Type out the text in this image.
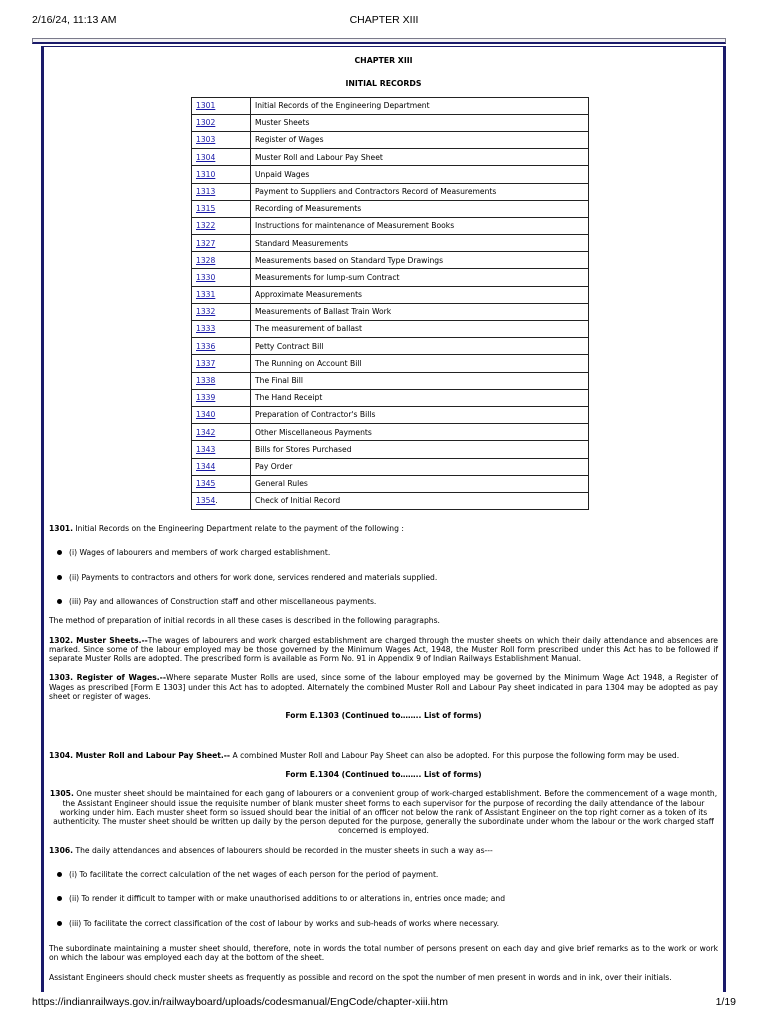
2/16/24, 11:13 AM	CHAPTER XIII
CHAPTER XIII
INITIAL RECORDS
1301	Initial Records of the Engineering Department
1302	Muster Sheets
1303	Register of Wages
1304	Muster Roll and Labour Pay Sheet
1310	Unpaid Wages
1313	Payment to Suppliers and Contractors Record of Measurements
1315	Recording of Measurements
1322	Instructions for maintenance of Measurement Books
1327	Standard Measurements
1328	Measurements based on Standard Type Drawings
1330	Measurements for lump-sum Contract
1331	Approximate Measurements
1332	Measurements of Ballast Train Work
1333	The measurement of ballast
1336	Petty Contract Bill
1337	The Running on Account Bill
1338	The Final Bill
1339	The Hand Receipt
1340	Preparation of Contractor's Bills
1342	Other Miscellaneous Payments
1343	Bills for Stores Purchased
1344	Pay Order
1345	General Rules
1354.	Check of Initial Record

1301. Initial Records on the Engineering Department relate to the payment of the following :

(i) Wages of labourers and members of work charged establishment.
(ii) Payments to contractors and others for work done, services rendered and materials supplied.
(iii) Pay and allowances of Construction staff and other miscellaneous payments.

The method of preparation of initial records in all these cases is described in the following paragraphs.

1302. Muster Sheets.--The wages of labourers and work charged establishment are charged through the muster sheets on which their daily attendance and absences are marked. Since some of the labour employed may be those governed by the Minimum Wages Act, 1948, the Muster Roll form prescribed under this Act has to be followed if separate Muster Rolls are adopted. The prescribed form is available as Form No. 91 in Appendix 9 of Indian Railways Establishment Manual.

1303. Register of Wages.--Where separate Muster Rolls are used, since some of the labour employed may be governed by the Minimum Wage Act 1948, a Register of Wages as prescribed [Form E 1303] under this Act has to adopted. Alternately the combined Muster Roll and Labour Pay sheet indicated in para 1304 may be adopted as pay sheet or register of wages.

Form E.1303 (Continued to…….. List of forms)

1304. Muster Roll and Labour Pay Sheet.-- A combined Muster Roll and Labour Pay Sheet can also be adopted. For this purpose the following form may be used.

Form E.1304 (Continued to…….. List of forms)

1305. One muster sheet should be maintained for each gang of labourers or a convenient group of work-charged establishment. Before the commencement of a wage month, the Assistant Engineer should issue the requisite number of blank muster sheet forms to each supervisor for the purpose of recording the daily attendance of the labour working under him. Each muster sheet form so issued should bear the initial of an officer not below the rank of Assistant Engineer on the top right corner as a token of its authenticity. The muster sheet should be written up daily by the person deputed for the purpose, generally the subordinate under whom the labour or the work charged staff concerned is employed.

1306. The daily attendances and absences of labourers should be recorded in the muster sheets in such a way as---

(i) To facilitate the correct calculation of the net wages of each person for the period of payment.
(ii) To render it difficult to tamper with or make unauthorised additions to or alterations in, entries once made; and
(iii) To facilitate the correct classification of the cost of labour by works and sub-heads of works where necessary.

The subordinate maintaining a muster sheet should, therefore, note in words the total number of persons present on each day and give brief remarks as to the work or work on which the labour was employed each day at the bottom of the sheet.

Assistant Engineers should check muster sheets as frequently as possible and record on the spot the number of men present in words and in ink, over their initials.

https://indianrailways.gov.in/railwayboard/uploads/codesmanual/EngCode/chapter-xiii.htm	1/19
